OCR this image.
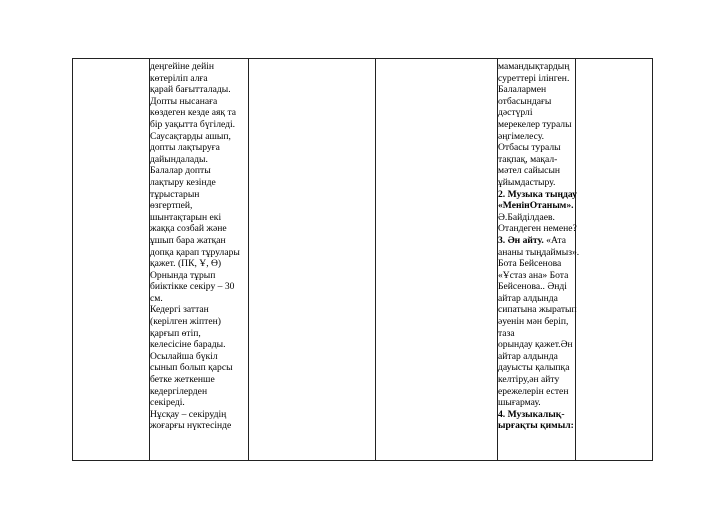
деңгейіне дейін
көтеріліп алға
қарай бағытталады.
Допты нысанаға
көздеген кезде аяқ та
бір уақытта бүгіледі.
Саусақтарды ашып,
допты лақтыруға
дайындалады.
Балалар допты
лақтыру кезінде
тұрыстарын
өзгертпей,
шынтақтарын екі
жаққа созбай және
ұшып бара жатқан
допқа қарап тұрулары
қажет. (ПК, Ұ, Ө)
Орнында тұрып
биіктікке секіру – 30
см.
Кедергі заттан
(керілген жіптен)
қарғып өтіп,
келесісіне барады.
Осылайша бүкіл
сынып болып қарсы
бетке жеткенше
кедергілерден
секіреді.
Нұсқау – секірудің
жоғарғы нүктесінде
мамандықтардың
суреттері ілінген.
Балалармен
отбасындағы
дәстүрлі
мерекелер туралы
әңгімелесу.
Отбасы туралы
тақпақ, мақал-
мәтел сайысын
ұйымдастыру.
2. Музыка тыңдау
«МенінОтаным».
Ә.Байділдаев.
Отандеген немене?
3. Ән айту. «Ата
ананы тыңдаймыз».
Бота Бейсенова
«Ұстаз ана» Бота
Бейсенова.. Әнді
айтар алдында
сипатына жыратып
әуенін мән беріп,
таза
орындау қажет.Ән
айтар алдында
дауысты қалыпқа
келтіру,ән айту
ережелерін естен
шығармау.
4. Музыкалық-
ырғақты қимыл:
